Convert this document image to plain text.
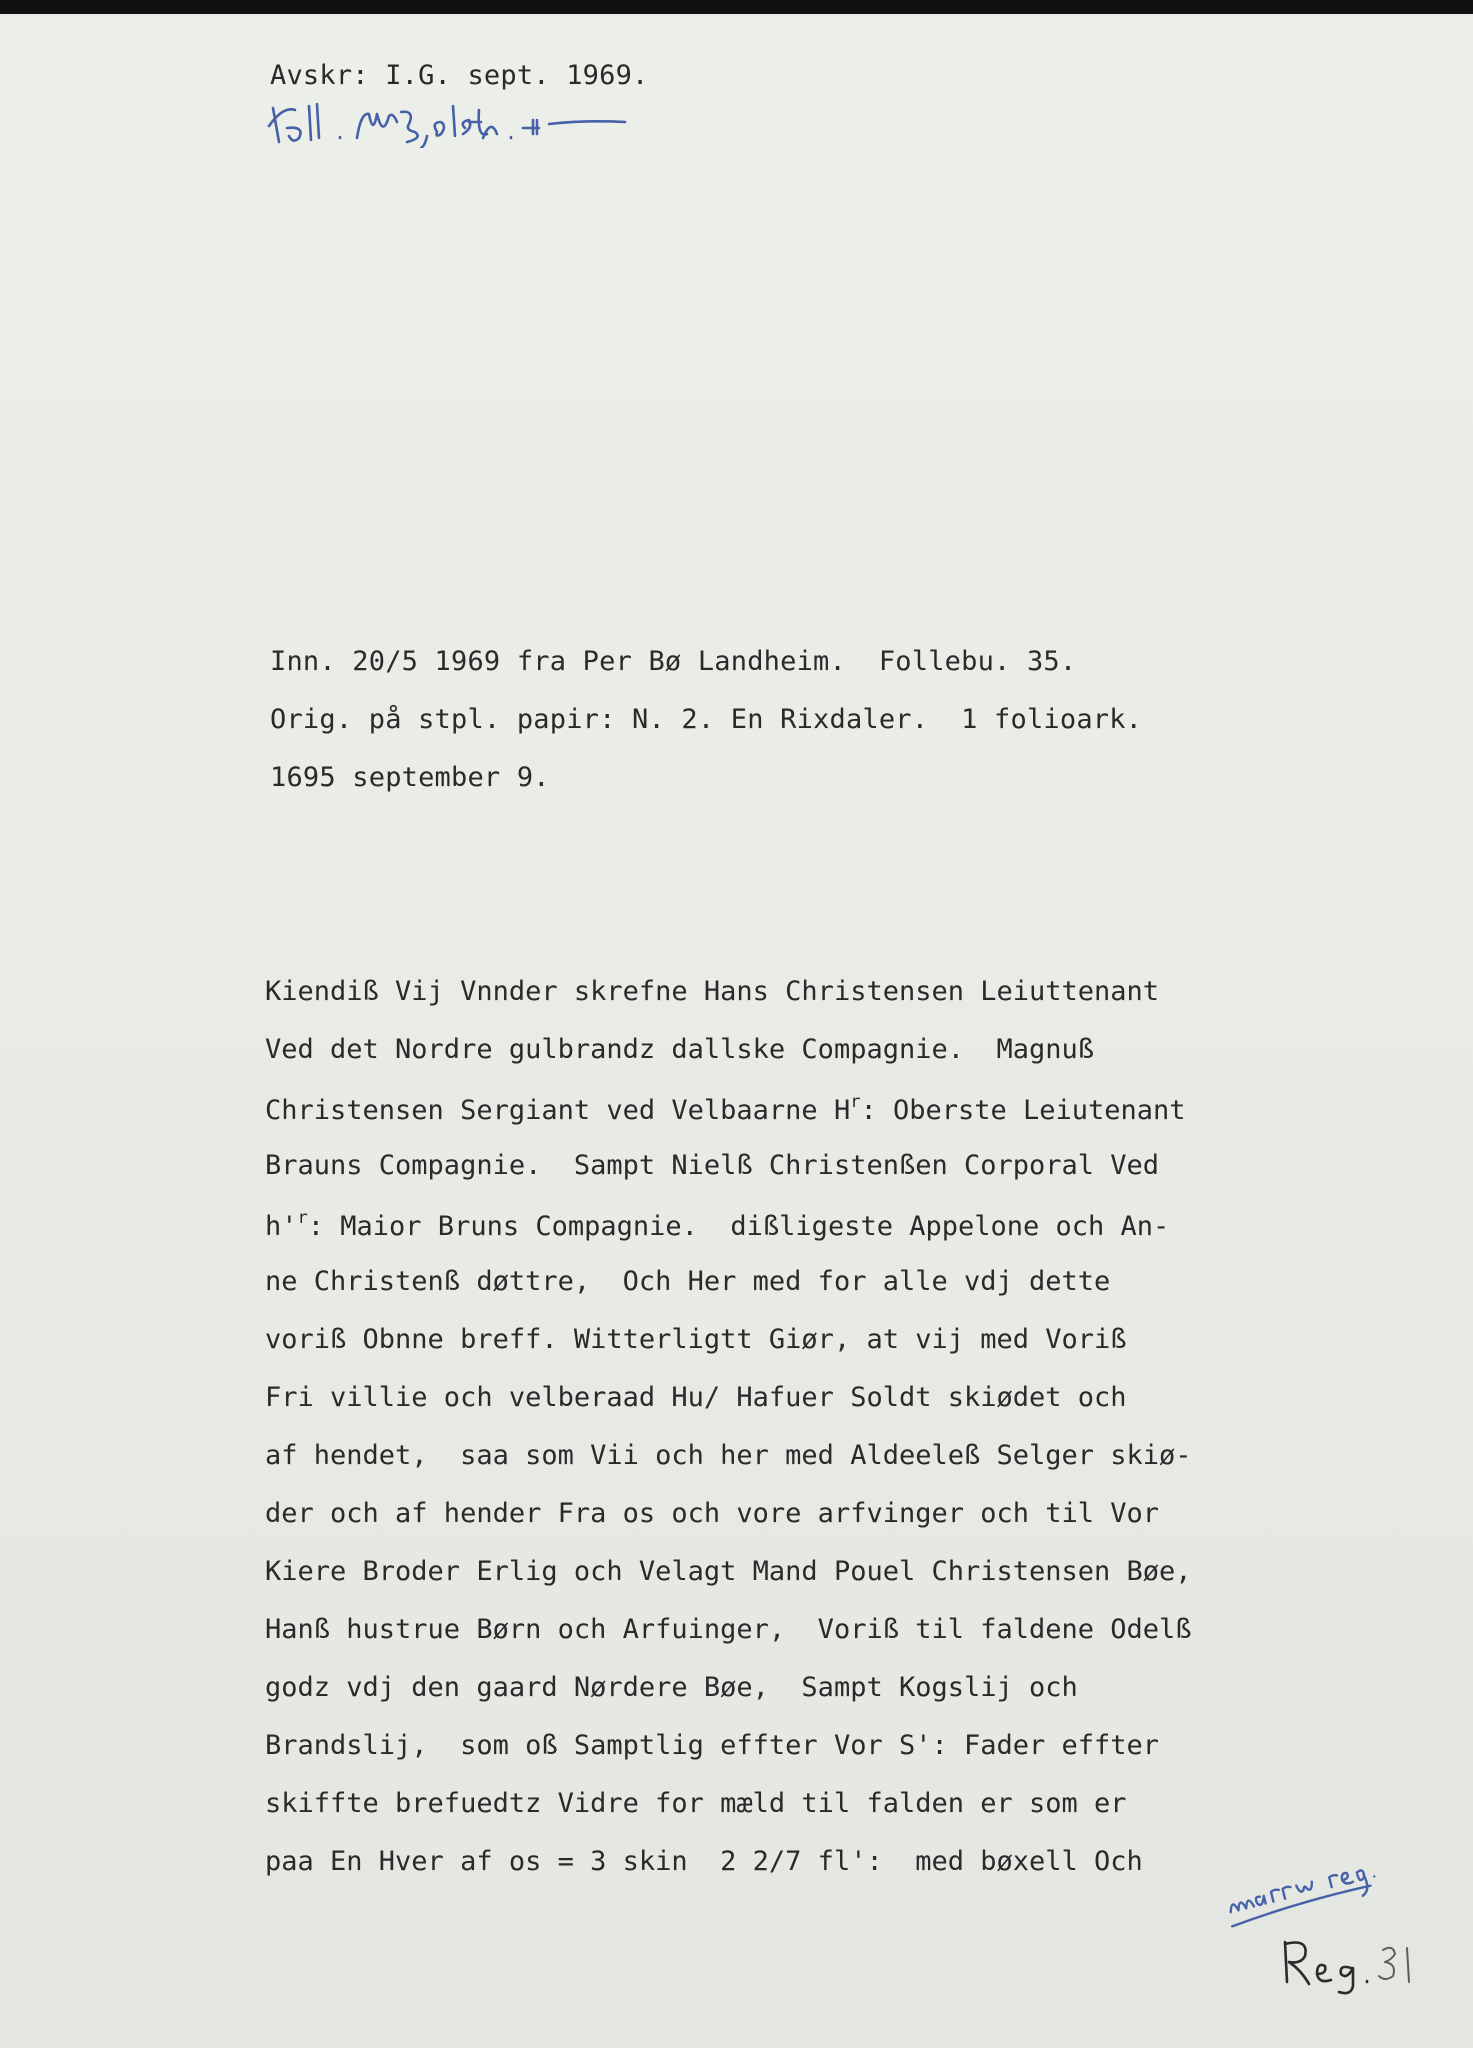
Avskr: I.G. sept. 1969.
Inn. 20/5 1969 fra Per Bø Landheim.  Follebu. 35.
Orig. på stpl. papir: N. 2. En Rixdaler.  1 folioark.
1695 september 9.
Kiendiß Vij Vnnder skrefne Hans Christensen Leiuttenant
Ved det Nordre gulbrandz dallske Compagnie.  Magnuß
Christensen Sergiant ved Velbaarne $H^r$: Oberste Leiutenant
Brauns Compagnie.  Sampt Nielß Christenßen Corporal Ved
$h'^r$: Maior Bruns Compagnie.  dißligeste Appelone och An-
ne Christenß døttre,  Och Her med for alle vdj dette
voriß Obnne breff. Witterligtt Giør, at vij med Voriß
Fri villie och velberaad Hu/ Hafuer Soldt skiødet och
af hendet,  saa som Vii och her med Aldeeleß Selger skiø-
der och af hender Fra os och vore arfvinger och til Vor
Kiere Broder Erlig och Velagt Mand Pouel Christensen Bøe,
Hanß hustrue Børn och Arfuinger,  Voriß til faldene Odelß
godz vdj den gaard Nørdere Bøe,  Sampt Kogslij och
Brandslij,  som oß Samptlig effter Vor S': Fader effter
skiffte brefuedtz Vidre for mæld til falden er som er
paa En Hver af os = 3 skin  2 2/7 fl':  med bøxell Och
